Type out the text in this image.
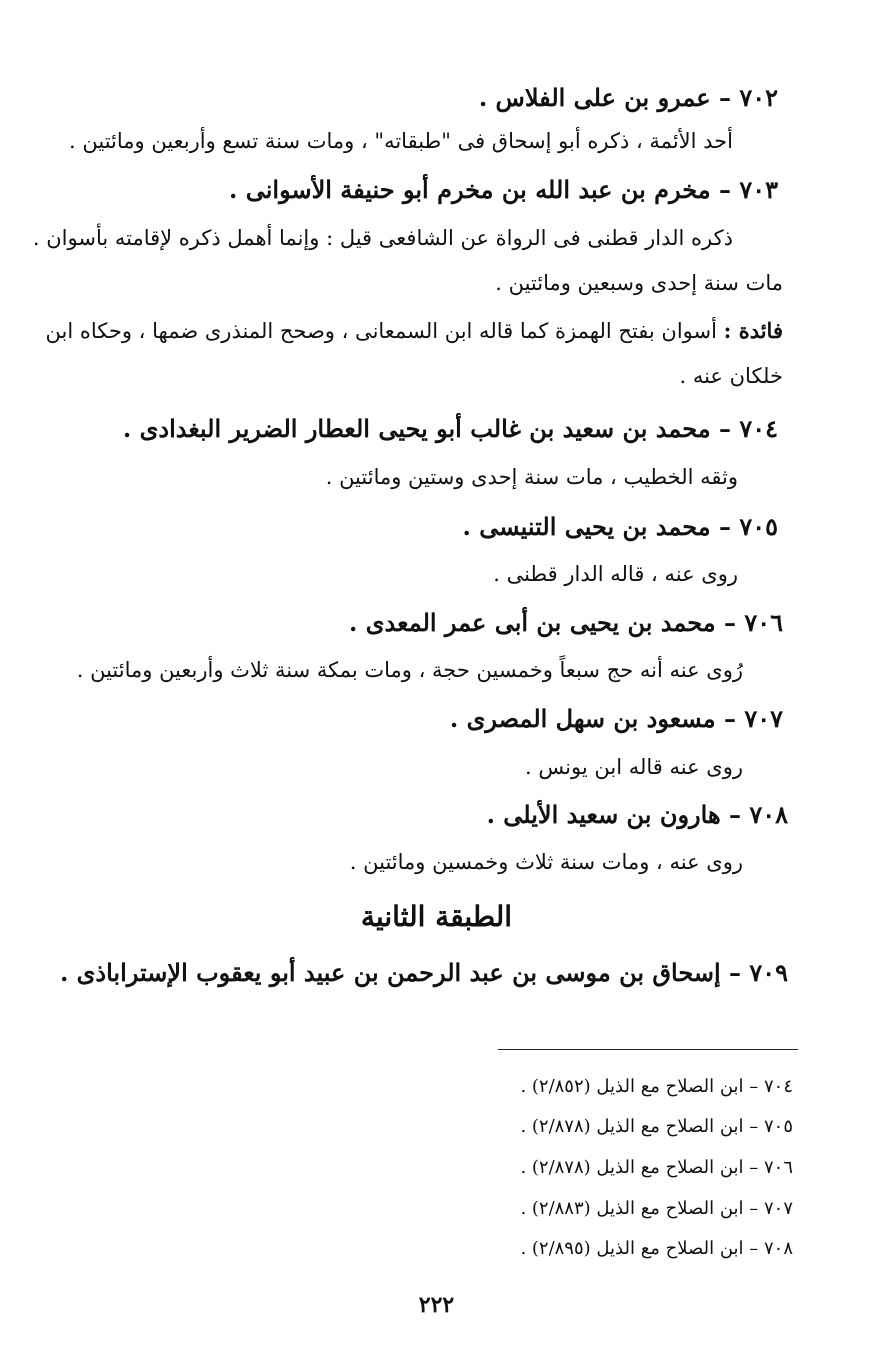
٧٠٢ – عمرو بن على الفلاس .
أحد الأئمة ، ذكره أبو إسحاق فى "طبقاته" ، ومات سنة تسع وأربعين ومائتين .
٧٠٣ – مخرم بن عبد الله بن مخرم أبو حنيفة الأسوانى .
ذكره الدار قطنى فى الرواة عن الشافعى قيل : وإنما أهمل ذكره لإقامته بأسوان .
مات سنة إحدى وسبعين ومائتين .
فائدة : أسوان بفتح الهمزة كما قاله ابن السمعانى ، وصحح المنذرى ضمها ، وحكاه ابن
خلكان عنه .
٧٠٤ – محمد بن سعيد بن غالب أبو يحيى العطار الضرير البغدادى .
وثقه الخطيب ، مات سنة إحدى وستين ومائتين .
٧٠٥ – محمد بن يحيى التنيسى .
روى عنه ، قاله الدار قطنى .
٧٠٦ – محمد بن يحيى بن أبى عمر المعدى .
رُوى عنه أنه حج سبعاً وخمسين حجة ، ومات بمكة سنة ثلاث وأربعين ومائتين .
٧٠٧ – مسعود بن سهل المصرى .
روى عنه قاله ابن يونس .
٧٠٨ – هارون بن سعيد الأيلى .
روى عنه ، ومات سنة ثلاث وخمسين ومائتين .
الطبقة الثانية
٧٠٩ – إسحاق بن موسى بن عبد الرحمن بن عبيد أبو يعقوب الإستراباذى .
٧٠٤ – ابن الصلاح مع الذيل (٢/٨٥٢) .
٧٠٥ – ابن الصلاح مع الذيل (٢/٨٧٨) .
٧٠٦ – ابن الصلاح مع الذيل (٢/٨٧٨) .
٧٠٧ – ابن الصلاح مع الذيل (٢/٨٨٣) .
٧٠٨ – ابن الصلاح مع الذيل (٢/٨٩٥) .
٢٢٢
